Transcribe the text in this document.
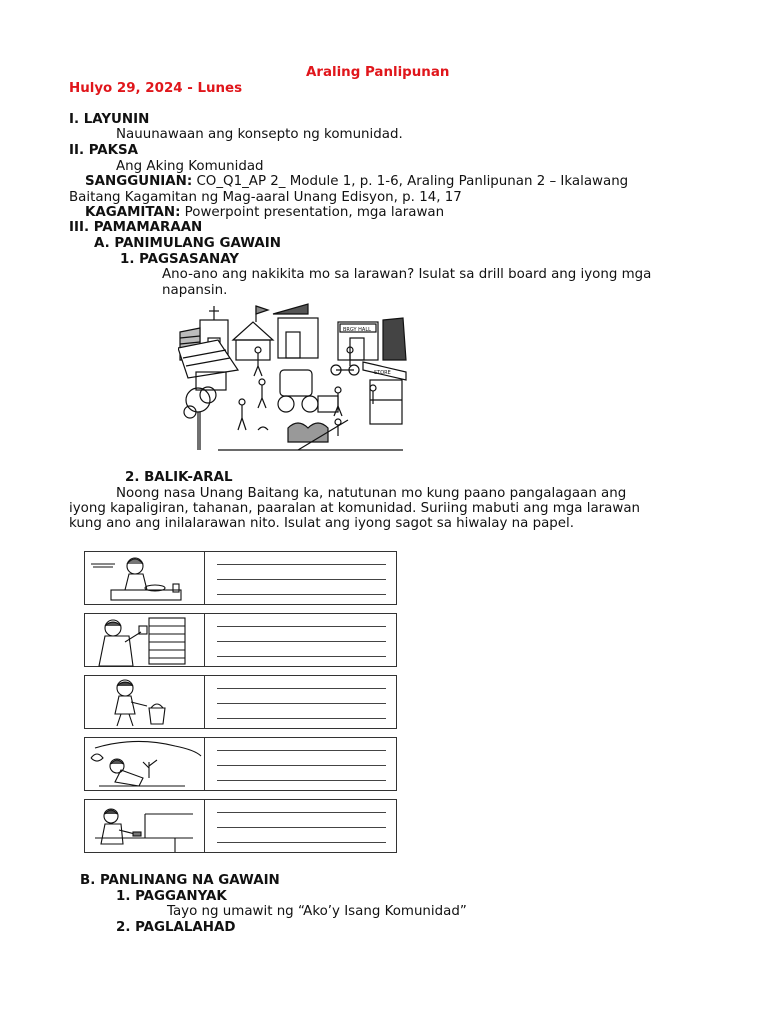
Araling Panlipunan
Hulyo 29, 2024 - Lunes
I. LAYUNIN
Nauunawaan ang konsepto ng komunidad.
II. PAKSA
Ang Aking Komunidad
SANGGUNIAN: CO_Q1_AP 2_ Module 1, p. 1-6, Araling Panlipunan 2 – Ikalawang
Baitang Kagamitan ng Mag-aaral Unang Edisyon, p. 14, 17
KAGAMITAN: Powerpoint presentation, mga larawan
III. PAMAMARAAN
A. PANIMULANG GAWAIN
1. PAGSASANAY
Ano-ano ang nakikita mo sa larawan? Isulat sa drill board ang iyong mga
napansin.
BRGY HALL
STORE
2. BALIK-ARAL
Noong nasa Unang Baitang ka, natutunan mo kung paano pangalagaan ang
iyong kapaligiran, tahanan, paaralan at komunidad. Suriing mabuti ang mga larawan
kung ano ang inilalarawan nito. Isulat ang iyong sagot sa hiwalay na papel.
B. PANLINANG NA GAWAIN
1. PAGGANYAK
Tayo ng umawit ng “Ako’y Isang Komunidad”
2. PAGLALAHAD
